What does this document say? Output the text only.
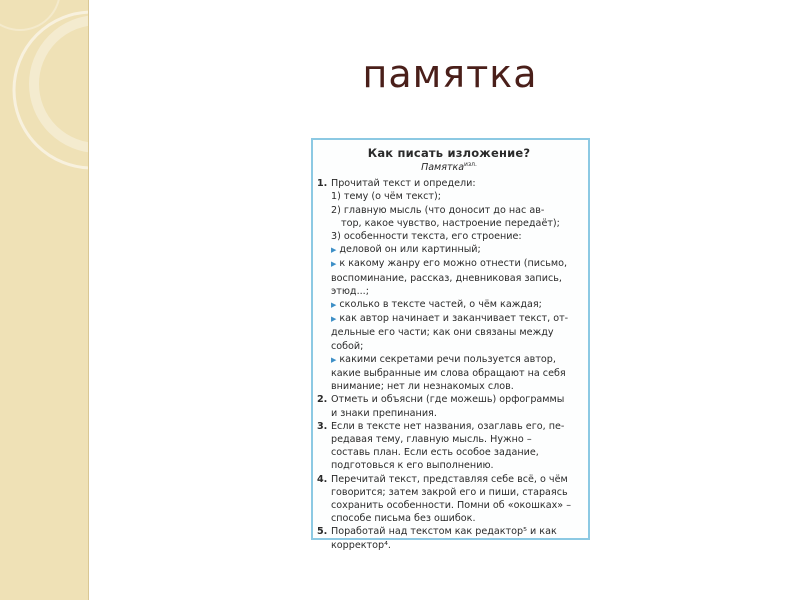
памятка
Как писать изложение?
Памятка$^{изл.}$
1. Прочитай текст и определи:
1) тему (о чём текст);
2) главную мысль (что доносит до нас ав-
тор, какое чувство, настроение передаёт);
3) особенности текста, его строение:
▶ деловой он или картинный;
▶ к какому жанру его можно отнести (письмо,
воспоминание, рассказ, дневниковая запись,
этюд...;
▶ сколько в тексте частей, о чём каждая;
▶ как автор начинает и заканчивает текст, от-
дельные его части; как они связаны между
собой;
▶ какими секретами речи пользуется автор,
какие выбранные им слова обращают на себя
внимание; нет ли незнакомых слов.
2. Отметь и объясни (где можешь) орфограммы
и знаки препинания.
3. Если в тексте нет названия, озаглавь его, пе-
редавая тему, главную мысль. Нужно –
составь план. Если есть особое задание,
подготовься к его выполнению.
4. Перечитай текст, представляя себе всё, о чём
говорится; затем закрой его и пиши, стараясь
сохранить особенности. Помни об «окошках» –
способе письма без ошибок.
5. Поработай над текстом как редактор⁵ и как
корректор⁴.
